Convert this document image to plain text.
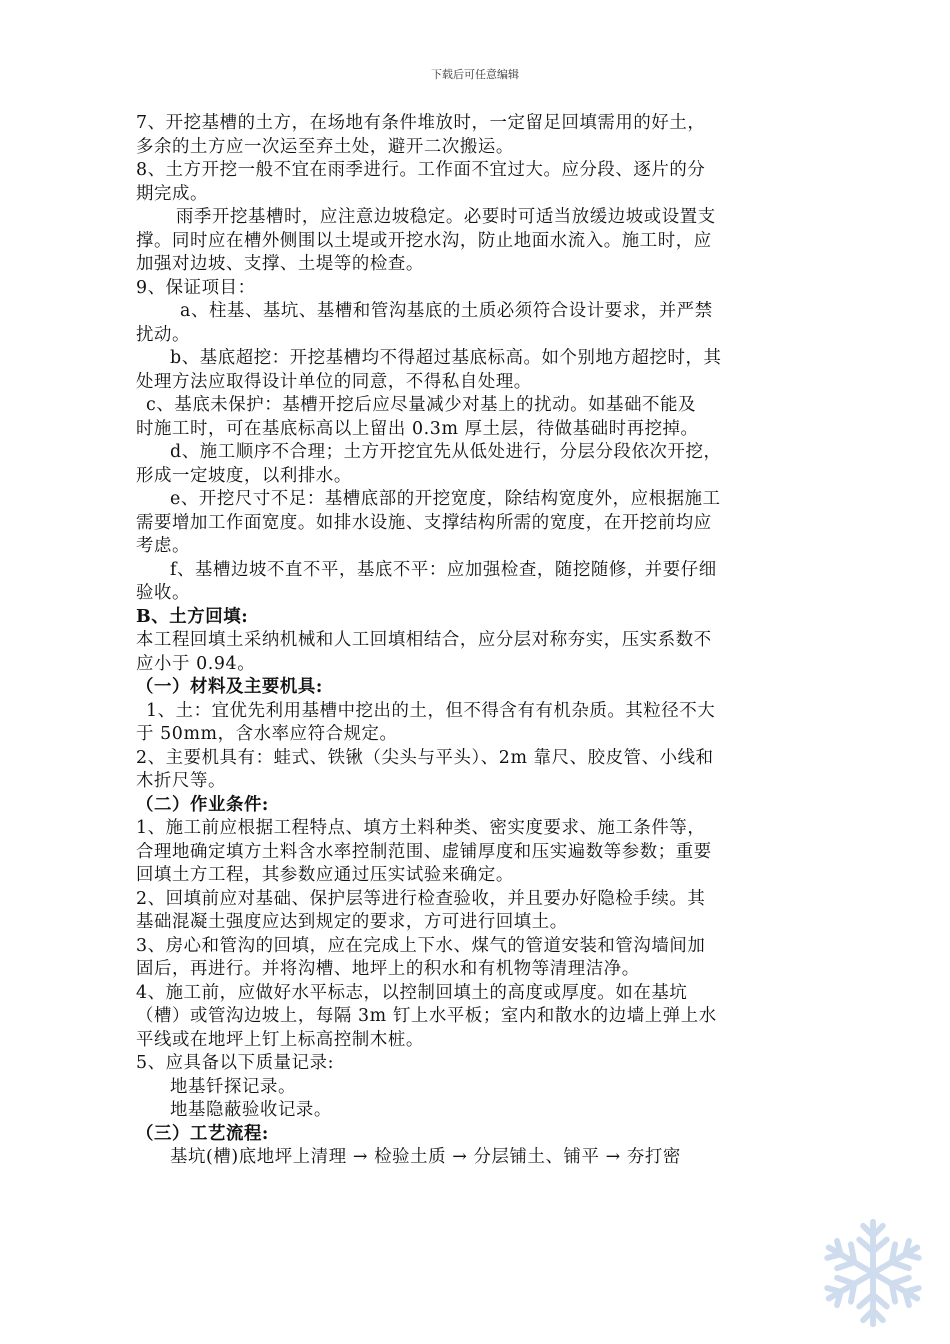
下载后可任意编辑

7、开挖基槽的土方，在场地有条件堆放时，一定留足回填需用的好土，

多余的土方应一次运至弃土处，避开二次搬运。

8、土方开挖一般不宜在雨季进行。工作面不宜过大。应分段、逐片的分

期完成。

雨季开挖基槽时，应注意边坡稳定。必要时可适当放缓边坡或设置支

撑。同时应在槽外侧围以土堤或开挖水沟，防止地面水流入。施工时，应

加强对边坡、支撑、土堤等的检查。

9、保证项目：

a、柱基、基坑、基槽和管沟基底的土质必须符合设计要求，并严禁

扰动。

b、基底超挖：开挖基槽均不得超过基底标高。如个别地方超挖时，其

处理方法应取得设计单位的同意，不得私自处理。

c、基底未保护：基槽开挖后应尽量减少对基上的扰动。如基础不能及

时施工时，可在基底标高以上留出 0.3m 厚土层，待做基础时再挖掉。

d、施工顺序不合理；土方开挖宜先从低处进行，分层分段依次开挖，

形成一定坡度，以利排水。

e、开挖尺寸不足：基槽底部的开挖宽度，除结构宽度外，应根据施工

需要增加工作面宽度。如排水设施、支撑结构所需的宽度，在开挖前均应

考虑。

f、基槽边坡不直不平，基底不平：应加强检查，随挖随修，并要仔细

验收。

B、土方回填:

本工程回填土采纳机械和人工回填相结合，应分层对称夯实，压实系数不

应小于 0.94。

（一）材料及主要机具:

1、土：宜优先利用基槽中挖出的土，但不得含有有机杂质。其粒径不大

于 50mm，含水率应符合规定。

2、主要机具有：蛙式、铁锹（尖头与平头）、2m 靠尺、胶皮管、小线和

木折尺等。

（二）作业条件:

1、施工前应根据工程特点、填方土料种类、密实度要求、施工条件等，

合理地确定填方土料含水率控制范围、虚铺厚度和压实遍数等参数；重要

回填土方工程，其参数应通过压实试验来确定。

2、回填前应对基础、保护层等进行检查验收，并且要办好隐检手续。其

基础混凝土强度应达到规定的要求，方可进行回填土。

3、房心和管沟的回填，应在完成上下水、煤气的管道安装和管沟墙间加

固后，再进行。并将沟槽、地坪上的积水和有机物等清理洁净。

4、施工前，应做好水平标志，以控制回填土的高度或厚度。如在基坑

（槽）或管沟边坡上，每隔 3m 钉上水平板；室内和散水的边墙上弹上水

平线或在地坪上钉上标高控制木桩。

5、应具备以下质量记录:

地基钎探记录。

地基隐蔽验收记录。

（三）工艺流程:

基坑(槽)底地坪上清理 → 检验土质 → 分层铺土、铺平 → 夯打密
